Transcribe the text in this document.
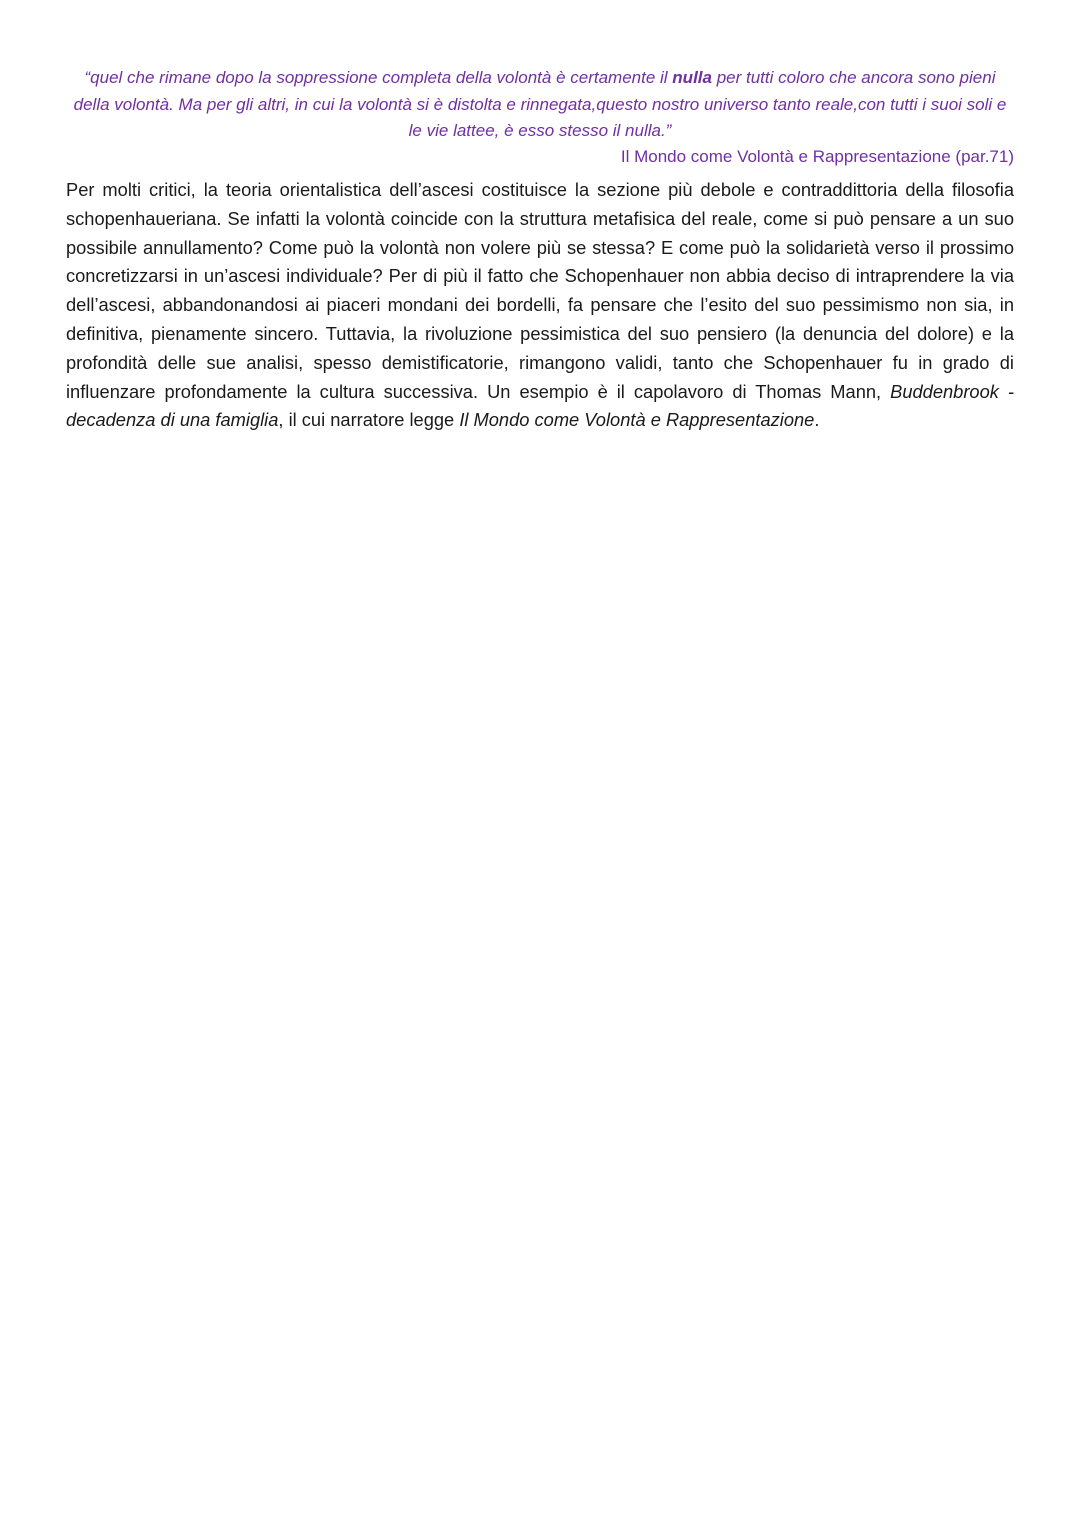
“quel che rimane dopo la soppressione completa della volontà è certamente il nulla per tutti coloro che ancora sono pieni della volontà. Ma per gli altri, in cui la volontà si è distolta e rinnegata,questo nostro universo tanto reale,con tutti i suoi soli e le vie lattee, è esso stesso il nulla.”
Il Mondo come Volontà e Rappresentazione (par.71)

Per molti critici, la teoria orientalistica dell’ascesi costituisce la sezione più debole e contraddittoria della filosofia schopenhaueriana. Se infatti la volontà coincide con la struttura metafisica del reale, come si può pensare a un suo possibile annullamento? Come può la volontà non volere più se stessa? E come può la solidarietà verso il prossimo concretizzarsi in un’ascesi individuale? Per di più il fatto che Schopenhauer non abbia deciso di intraprendere la via dell’ascesi, abbandonandosi ai piaceri mondani dei bordelli, fa pensare che l’esito del suo pessimismo non sia, in definitiva, pienamente sincero. Tuttavia, la rivoluzione pessimistica del suo pensiero (la denuncia del dolore) e la profondità delle sue analisi, spesso demistificatorie, rimangono validi, tanto che Schopenhauer fu in grado di influenzare profondamente la cultura successiva. Un esempio è il capolavoro di Thomas Mann, Buddenbrook - decadenza di una famiglia, il cui narratore legge Il Mondo come Volontà e Rappresentazione.
